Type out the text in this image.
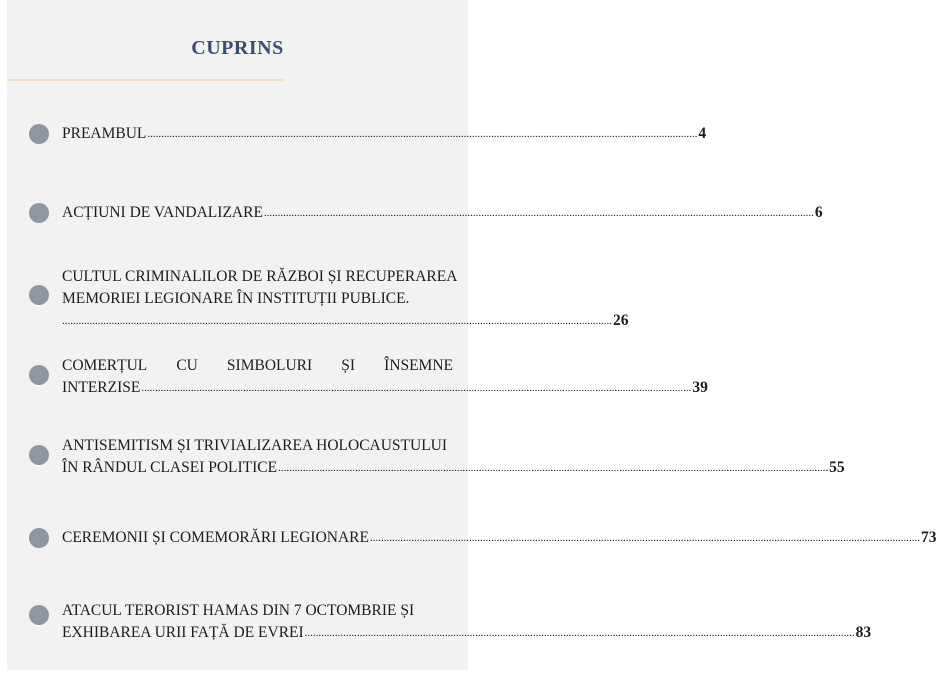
CUPRINS
PREAMBUL ........................................................................................................................................................................................................ 4
ACȚIUNI DE VANDALIZARE ........................................................................................................................................................................................................ 6
CULTUL CRIMINALILOR DE RĂZBOI ȘI RECUPERAREA
MEMORIEI LEGIONARE ÎN INSTITUȚII PUBLICE.
........................................................................................................................................................................................................ 26
COMERȚUL CU SIMBOLURI ȘI ÎNSEMNE
INTERZISE ........................................................................................................................................................................................................ 39
ANTISEMITISM ȘI TRIVIALIZAREA HOLOCAUSTULUI
ÎN RÂNDUL CLASEI POLITICE ........................................................................................................................................................................................................ 55
CEREMONII ȘI COMEMORĂRI LEGIONARE ........................................................................................................................................................................................................ 73
ATACUL TERORIST HAMAS DIN 7 OCTOMBRIE ȘI
EXHIBAREA URII FAȚĂ DE EVREI ........................................................................................................................................................................................................ 83
